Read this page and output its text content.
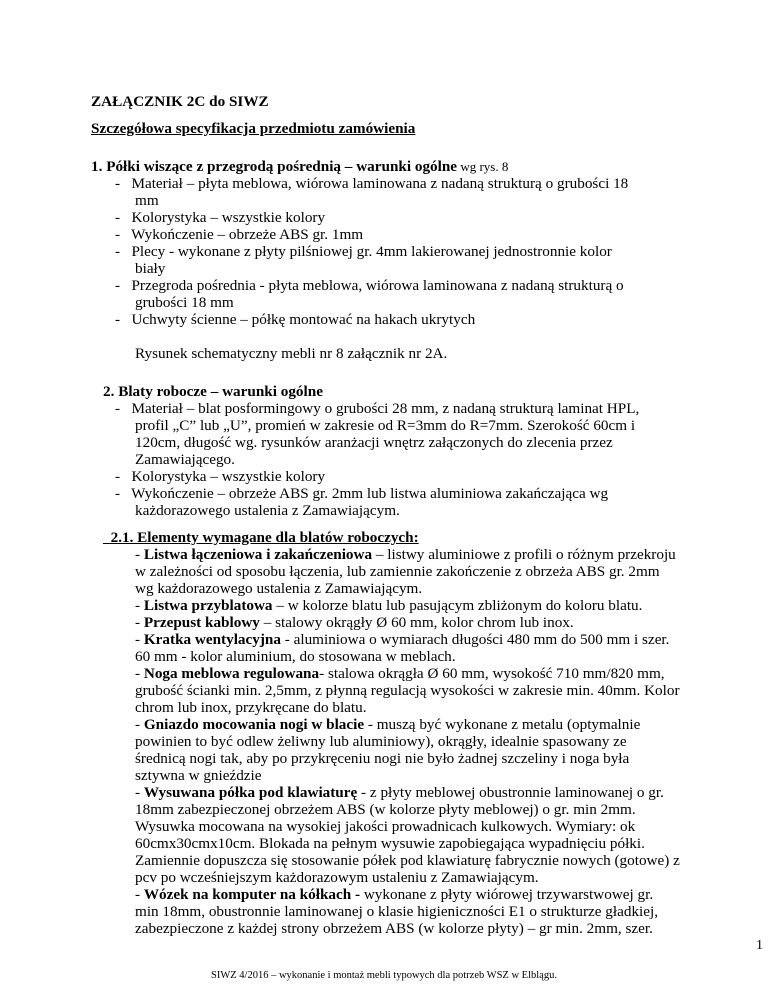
ZAŁĄCZNIK 2C do SIWZ
Szczegółowa specyfikacja przedmiotu zamówienia
1. Półki wiszące z przegrodą pośrednią – warunki ogólne wg rys. 8
-   Materiał – płyta meblowa, wiórowa laminowana z nadaną strukturą o grubości 18
mm
-   Kolorystyka – wszystkie kolory
-   Wykończenie – obrzeże ABS gr. 1mm
-   Plecy - wykonane z płyty pilśniowej gr. 4mm lakierowanej jednostronnie kolor
biały
-   Przegroda pośrednia - płyta meblowa, wiórowa laminowana z nadaną strukturą o
grubości 18 mm
-   Uchwyty ścienne – półkę montować na hakach ukrytych
Rysunek schematyczny mebli nr 8 załącznik nr 2A.
2. Blaty robocze – warunki ogólne
-   Materiał – blat posformingowy o grubości 28 mm, z nadaną strukturą laminat HPL,
profil „C” lub „U”, promień w zakresie od R=3mm do R=7mm. Szerokość 60cm i
120cm, długość wg. rysunków aranżacji wnętrz załączonych do zlecenia przez
Zamawiającego.
-   Kolorystyka – wszystkie kolory
-   Wykończenie – obrzeże ABS gr. 2mm lub listwa aluminiowa zakańczająca wg
każdorazowego ustalenia z Zamawiającym.
2.1. Elementy wymagane dla blatów roboczych:
- Listwa łączeniowa i zakańczeniowa – listwy aluminiowe z profili o różnym przekroju
w zależności od sposobu łączenia, lub zamiennie zakończenie z obrzeża ABS gr. 2mm
wg każdorazowego ustalenia z Zamawiającym.
- Listwa przyblatowa – w kolorze blatu lub pasującym zbliżonym do koloru blatu.
- Przepust kablowy – stalowy okrągły Ø 60 mm, kolor chrom lub inox.
- Kratka wentylacyjna - aluminiowa o wymiarach długości 480 mm do 500 mm i szer.
60 mm - kolor aluminium, do stosowana w meblach.
- Noga meblowa regulowana- stalowa okrągła Ø 60 mm, wysokość 710 mm/820 mm,
grubość ścianki min. 2,5mm, z płynną regulacją wysokości w zakresie min. 40mm. Kolor
chrom lub inox, przykręcane do blatu.
- Gniazdo mocowania nogi w blacie - muszą być wykonane z metalu (optymalnie
powinien to być odlew żeliwny lub aluminiowy), okrągły, idealnie spasowany ze
średnicą nogi tak, aby po przykręceniu nogi nie było żadnej szczeliny i noga była
sztywna w gnieździe
- Wysuwana półka pod klawiaturę - z płyty meblowej obustronnie laminowanej o gr.
18mm zabezpieczonej obrzeżem ABS (w kolorze płyty meblowej) o gr. min 2mm.
Wysuwka mocowana na wysokiej jakości prowadnicach kulkowych. Wymiary: ok
60cmx30cmx10cm. Blokada na pełnym wysuwie zapobiegająca wypadnięciu półki.
Zamiennie dopuszcza się stosowanie półek pod klawiaturę fabrycznie nowych (gotowe) z
pcv po wcześniejszym każdorazowym ustaleniu z Zamawiającym.
- Wózek na komputer na kółkach - wykonane z płyty wiórowej trzywarstwowej gr.
min 18mm, obustronnie laminowanej o klasie higieniczności E1 o strukturze gładkiej,
zabezpieczone z każdej strony obrzeżem ABS (w kolorze płyty) – gr min. 2mm, szer.
1
SIWZ 4/2016 – wykonanie i montaż mebli typowych dla potrzeb WSZ w Elblągu.
